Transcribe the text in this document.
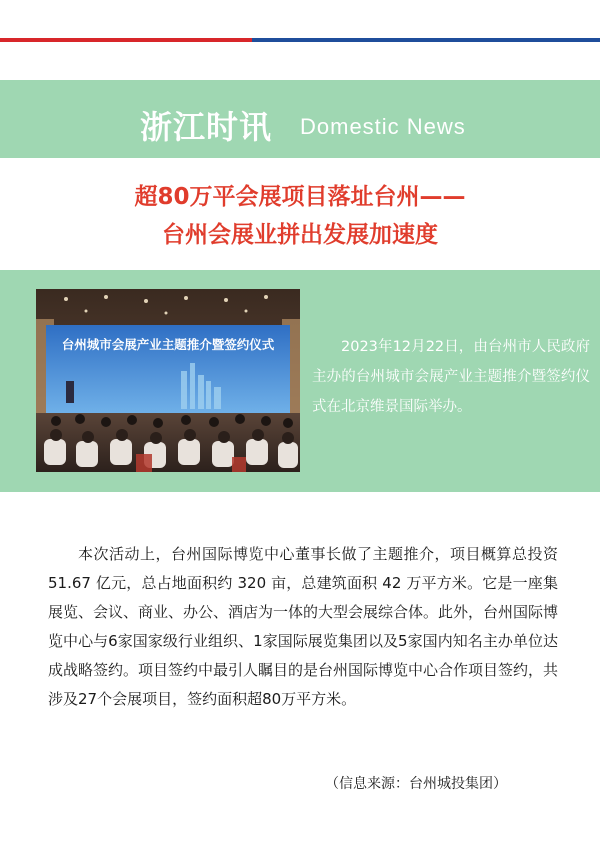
浙江时讯 Domestic News
超80万平会展项目落址台州——
台州会展业拼出发展加速度
台州城市会展产业主题推介暨签约仪式	2023年12月22日，由台州市人民政府主办的台州城市会展产业主题推介暨签约仪式在北京维景国际举办。
本次活动上，台州国际博览中心董事长做了主题推介，项目概算总投资 51.67 亿元，总占地面积约 320 亩，总建筑面积 42 万平方米。它是一座集展览、会议、商业、办公、酒店为一体的大型会展综合体。此外，台州国际博览中心与6家国家级行业组织、1家国际展览集团以及5家国内知名主办单位达成战略签约。项目签约中最引人瞩目的是台州国际博览中心合作项目签约，共涉及27个会展项目，签约面积超80万平方米。
（信息来源：台州城投集团）
